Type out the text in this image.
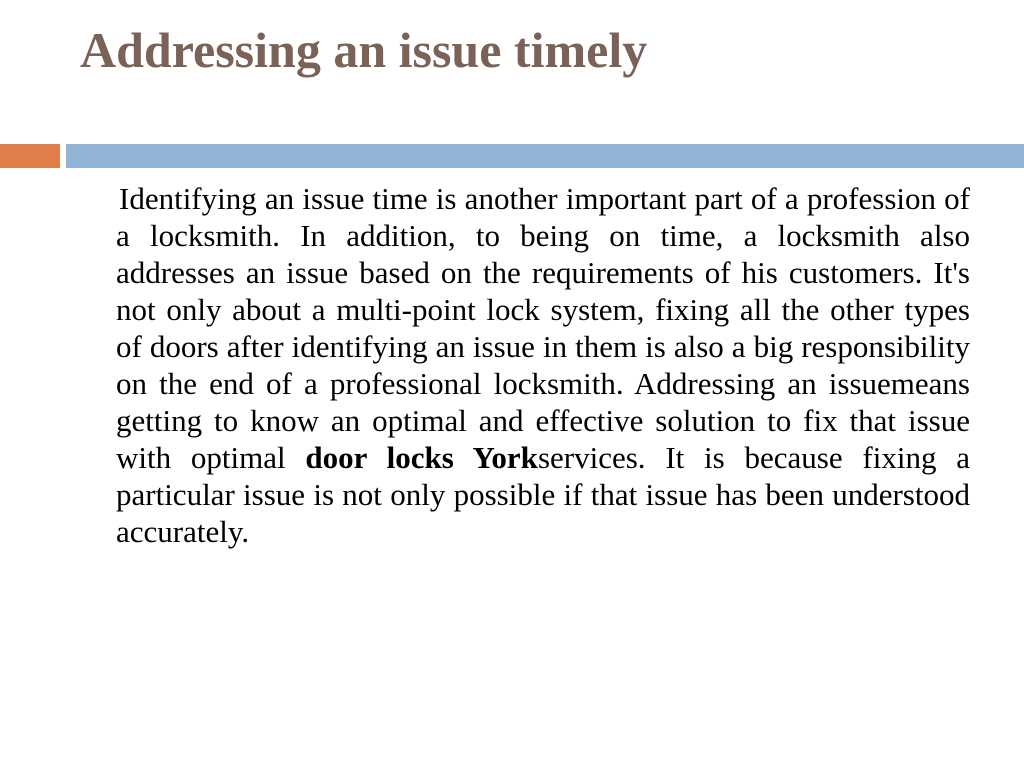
Addressing an issue timely

Identifying an issue time is another important part of a profession of a locksmith. In addition, to being on time, a locksmith also addresses an issue based on the requirements of his customers. It's not only about a multi-point lock system, fixing all the other types of doors after identifying an issue in them is also a big responsibility on the end of a professional locksmith. Addressing an issuemeans getting to know an optimal and effective solution to fix that issue with optimal door locks Yorkservices. It is because fixing a particular issue is not only possible if that issue has been understood accurately.
